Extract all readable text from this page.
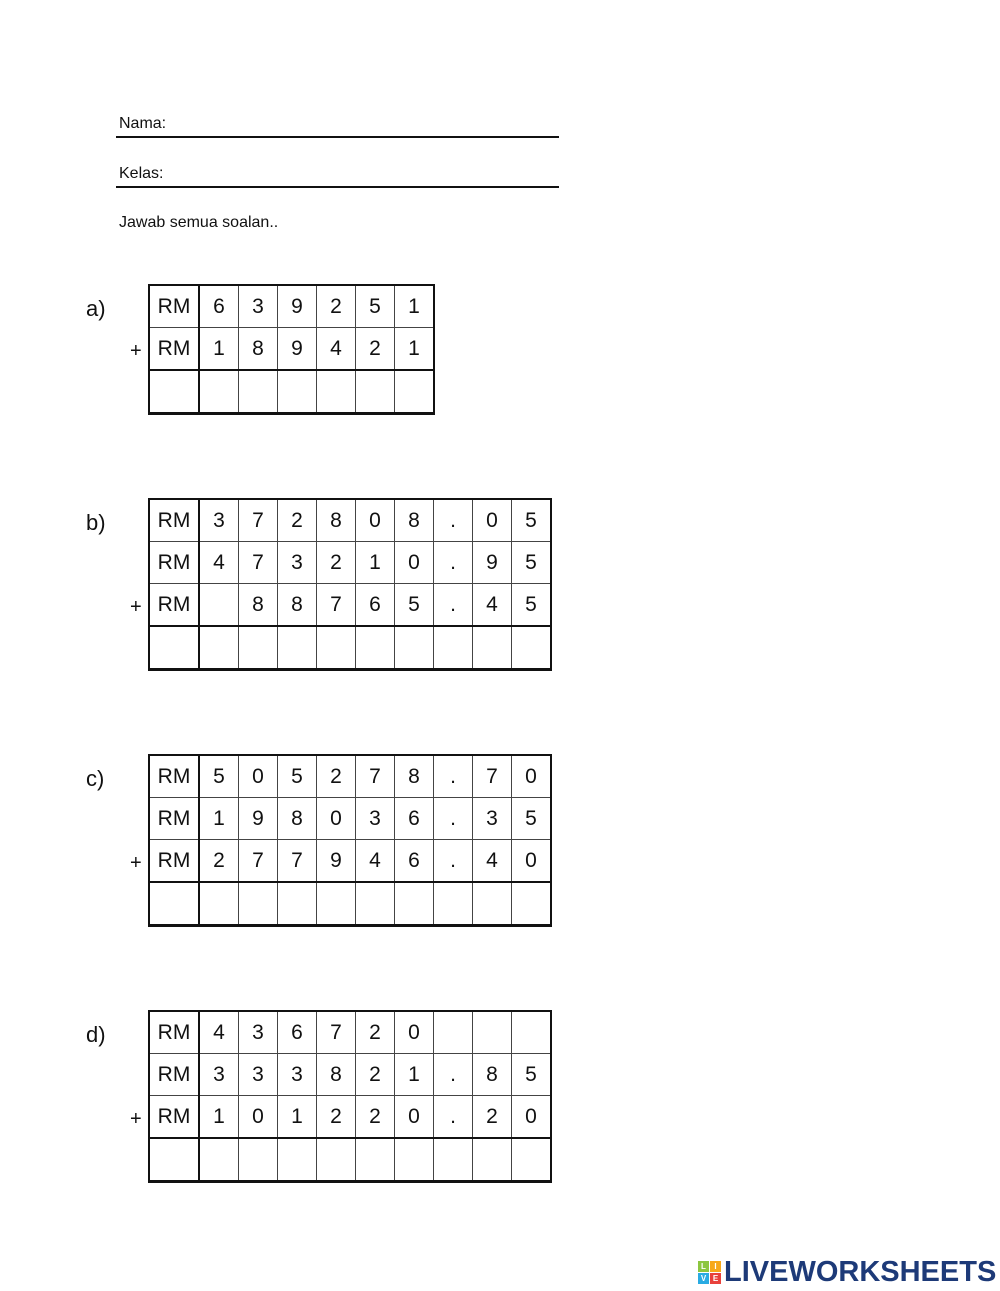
Nama:
Kelas:
Jawab semua soalan..
a)
+
RM	6	3	9	2	5	1
RM	1	8	9	4	2	1

b)
+
RM	3	7	2	8	0	8	.	0	5
RM	4	7	3	2	1	0	.	9	5
RM		8	8	7	6	5	.	4	5

c)
+
RM	5	0	5	2	7	8	.	7	0
RM	1	9	8	0	3	6	.	3	5
RM	2	7	7	9	4	6	.	4	0

d)
+
RM	4	3	6	7	2	0			
RM	3	3	3	8	2	1	.	8	5
RM	1	0	1	2	2	0	.	2	0

L	I
V E LIVEWORKSHEETS
